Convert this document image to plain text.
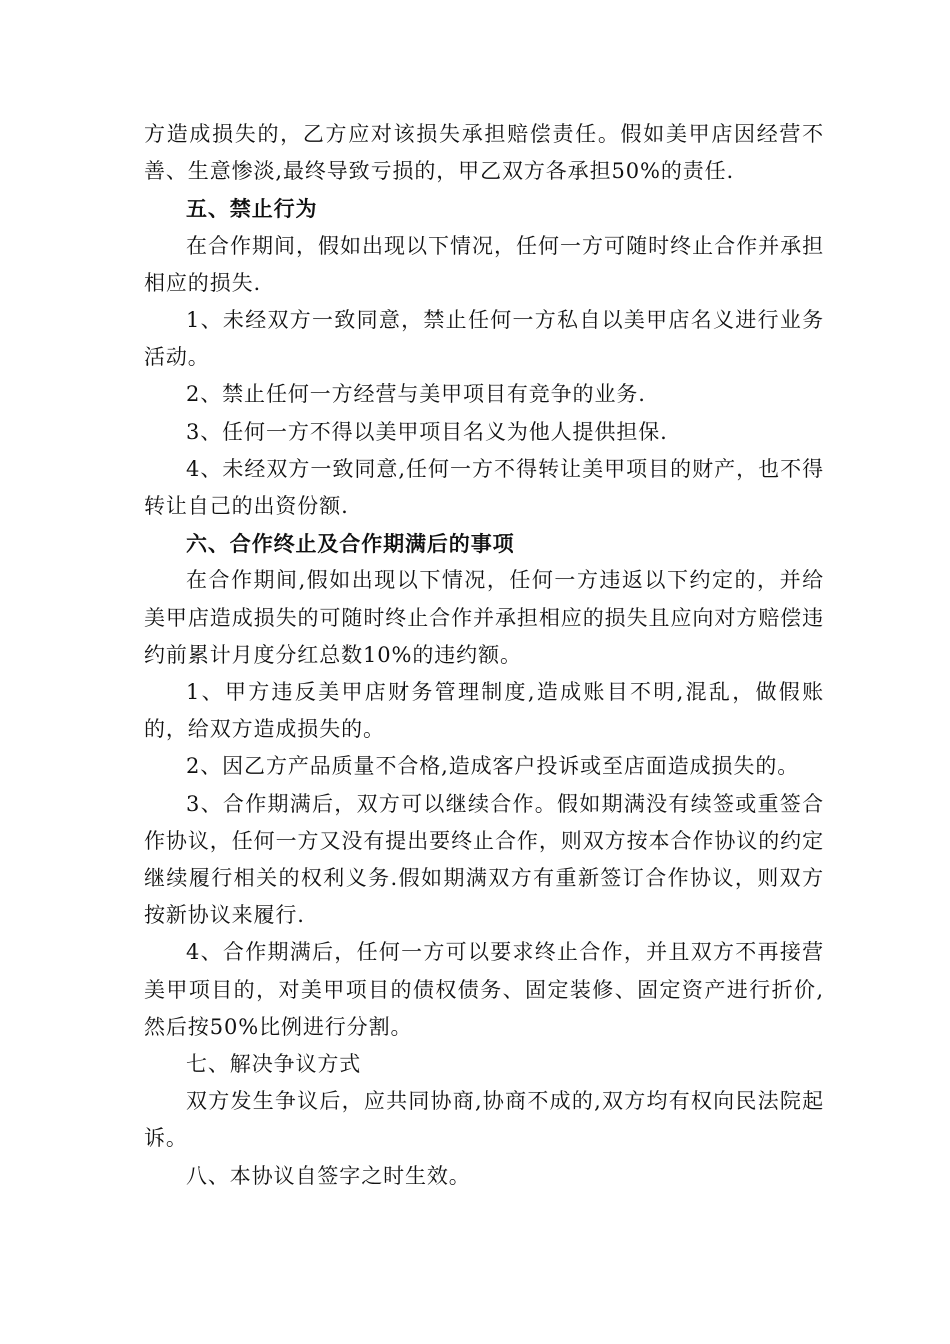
方造成损失的，乙方应对该损失承担赔偿责任。假如美甲店因经营不善、生意惨淡,最终导致亏损的，甲乙双方各承担50%的责任.

五、禁止行为

在合作期间，假如出现以下情况，任何一方可随时终止合作并承担相应的损失.

1、未经双方一致同意，禁止任何一方私自以美甲店名义进行业务活动。

2、禁止任何一方经营与美甲项目有竞争的业务.

3、任何一方不得以美甲项目名义为他人提供担保.

4、未经双方一致同意,任何一方不得转让美甲项目的财产，也不得转让自己的出资份额.

六、合作终止及合作期满后的事项

在合作期间,假如出现以下情况，任何一方违返以下约定的，并给美甲店造成损失的可随时终止合作并承担相应的损失且应向对方赔偿违约前累计月度分红总数10%的违约额。

1、甲方违反美甲店财务管理制度,造成账目不明,混乱，做假账的，给双方造成损失的。

2、因乙方产品质量不合格,造成客户投诉或至店面造成损失的。

3、合作期满后，双方可以继续合作。假如期满没有续签或重签合作协议，任何一方又没有提出要终止合作，则双方按本合作协议的约定继续履行相关的权利义务.假如期满双方有重新签订合作协议，则双方按新协议来履行.

4、合作期满后，任何一方可以要求终止合作，并且双方不再接营美甲项目的，对美甲项目的债权债务、固定装修、固定资产进行折价,然后按50%比例进行分割。

七、解决争议方式

双方发生争议后，应共同协商,协商不成的,双方均有权向民法院起诉。

八、本协议自签字之时生效。
